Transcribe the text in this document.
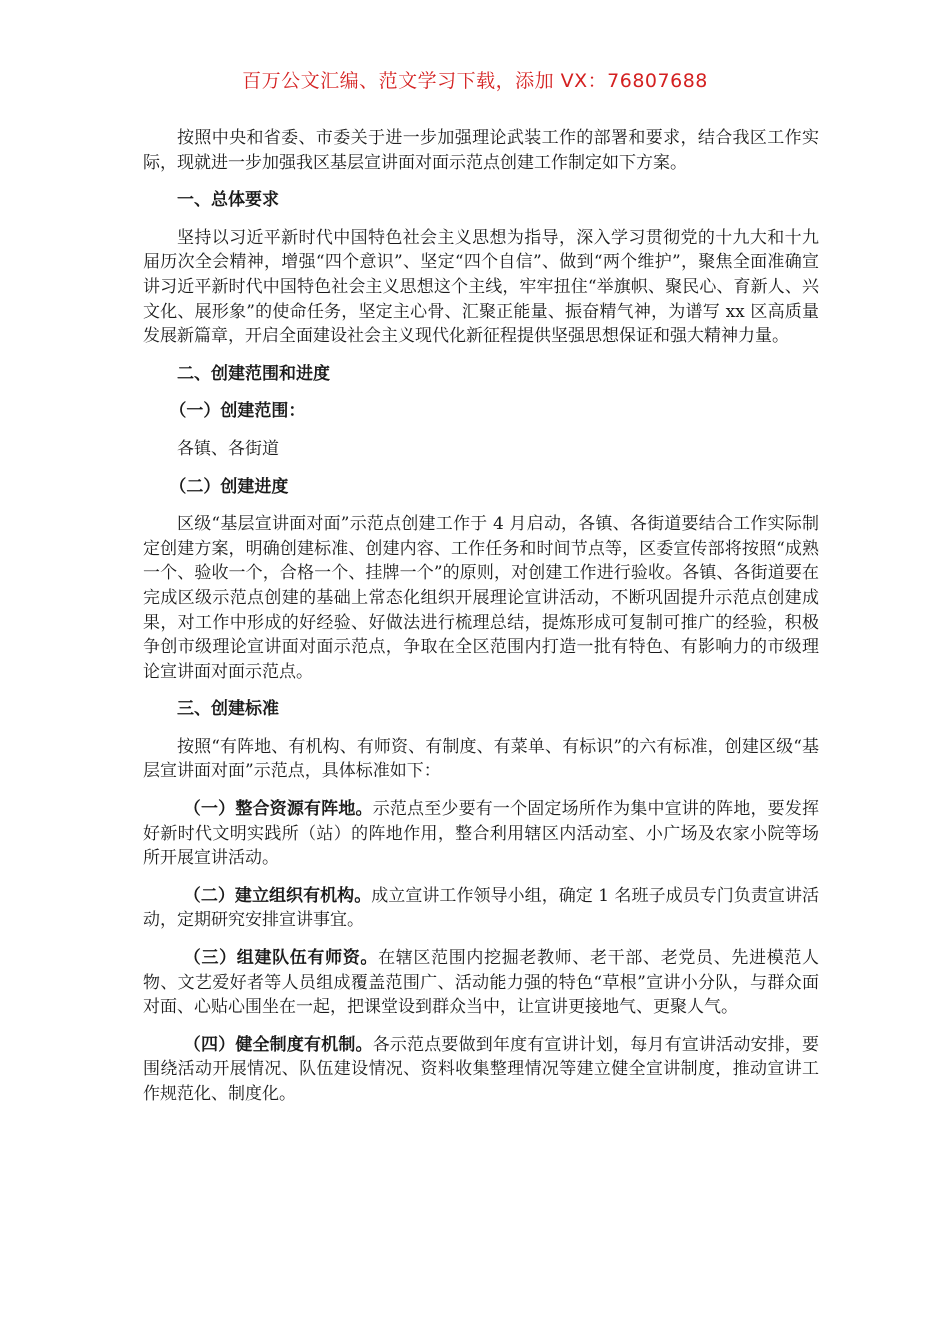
百万公文汇编、范文学习下载，添加 VX：76807688

按照中央和省委、市委关于进一步加强理论武装工作的部署和要求，结合我区工作实际，现就进一步加强我区基层宣讲面对面示范点创建工作制定如下方案。

一、总体要求

坚持以习近平新时代中国特色社会主义思想为指导，深入学习贯彻党的十九大和十九届历次全会精神，增强“四个意识”、坚定“四个自信”、做到“两个维护”，聚焦全面准确宣讲习近平新时代中国特色社会主义思想这个主线，牢牢扭住“举旗帜、聚民心、育新人、兴文化、展形象”的使命任务，坚定主心骨、汇聚正能量、振奋精气神，为谱写 xx 区高质量发展新篇章，开启全面建设社会主义现代化新征程提供坚强思想保证和强大精神力量。

二、创建范围和进度
（一）创建范围：

各镇、各街道

（二）创建进度

区级“基层宣讲面对面”示范点创建工作于 4 月启动，各镇、各街道要结合工作实际制定创建方案，明确创建标准、创建内容、工作任务和时间节点等，区委宣传部将按照“成熟一个、验收一个，合格一个、挂牌一个”的原则，对创建工作进行验收。各镇、各街道要在完成区级示范点创建的基础上常态化组织开展理论宣讲活动，不断巩固提升示范点创建成果，对工作中形成的好经验、好做法进行梳理总结，提炼形成可复制可推广的经验，积极争创市级理论宣讲面对面示范点，争取在全区范围内打造一批有特色、有影响力的市级理论宣讲面对面示范点。

三、创建标准

按照“有阵地、有机构、有师资、有制度、有菜单、有标识”的六有标准，创建区级“基层宣讲面对面”示范点，具体标准如下：

（一）整合资源有阵地。示范点至少要有一个固定场所作为集中宣讲的阵地，要发挥好新时代文明实践所（站）的阵地作用，整合利用辖区内活动室、小广场及农家小院等场所开展宣讲活动。

（二）建立组织有机构。成立宣讲工作领导小组，确定 1 名班子成员专门负责宣讲活动，定期研究安排宣讲事宜。

（三）组建队伍有师资。在辖区范围内挖掘老教师、老干部、老党员、先进模范人物、文艺爱好者等人员组成覆盖范围广、活动能力强的特色“草根”宣讲小分队，与群众面对面、心贴心围坐在一起，把课堂设到群众当中，让宣讲更接地气、更聚人气。

（四）健全制度有机制。各示范点要做到年度有宣讲计划，每月有宣讲活动安排，要围绕活动开展情况、队伍建设情况、资料收集整理情况等建立健全宣讲制度，推动宣讲工作规范化、制度化。
